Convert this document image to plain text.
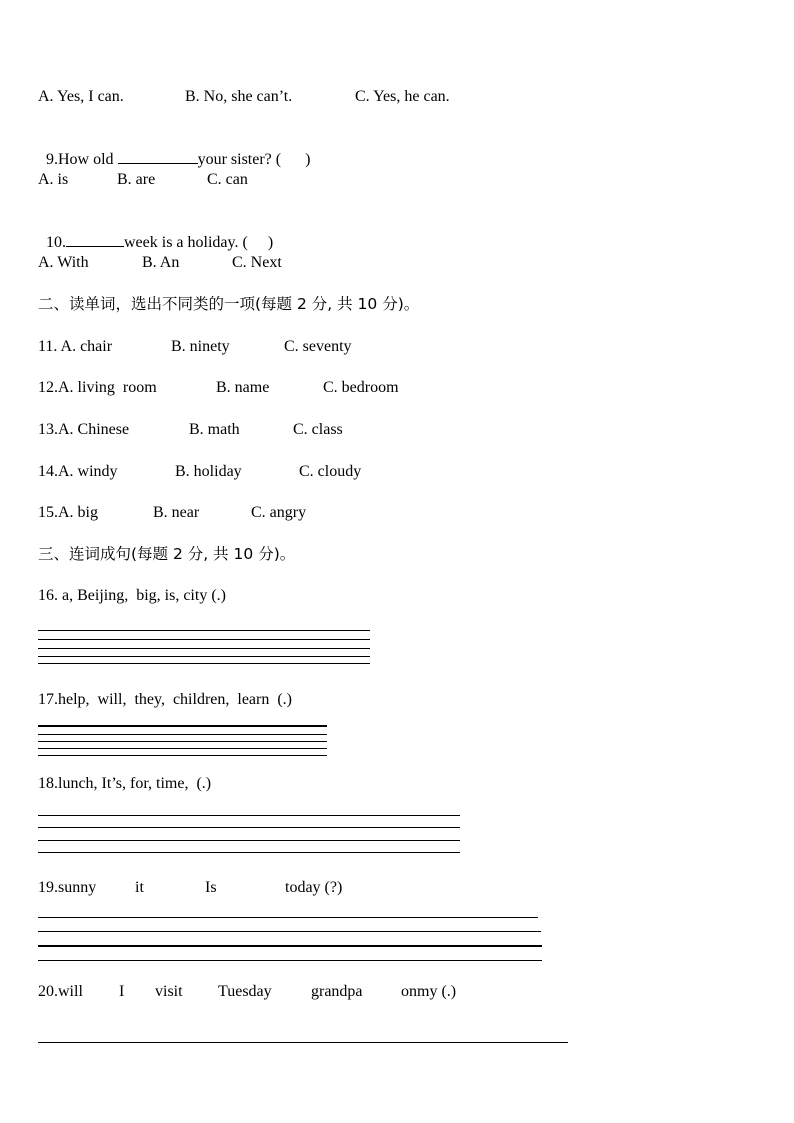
A. Yes, I can.

	B. No, she can’t.

	C. Yes, he can.

9.How old	your sister? (      )

A. is

	B. are

	C. can

10.	week is a holiday. (     )

A. With

	B. An

	C. Next

二、读单词，选出不同类的一项(每题 2 分, 共 10 分)。

11. A. chair

	B. ninety

	C. seventy

12.A. living  room

	B. name

	C. bedroom

13.A. Chinese

	B. math

	C. class

14.A. windy

	B. holiday

	C. cloudy

15.A. big

	B. near

	C. angry

三、连词成句(每题 2 分, 共 10 分)。
16. a, Beijing,  big, is, city (.)
17.help,  will,  they,  children,  learn  (.)
18.lunch, It’s, for, time,  (.)

19.sunny

it

	Is

	today (?)

20.will

I

visit

Tuesday

grandpa

onmy (.)
